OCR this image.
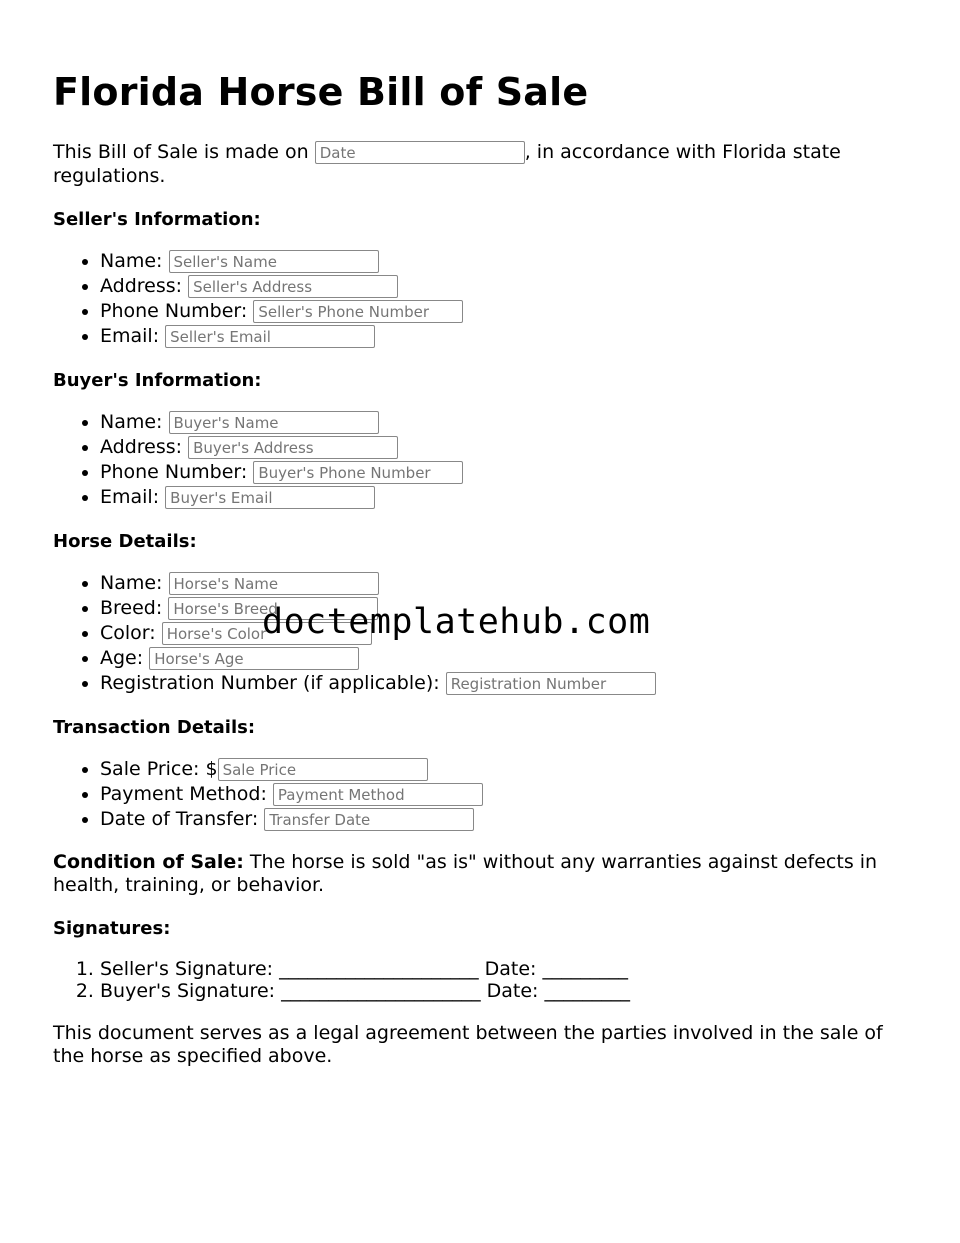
Florida Horse Bill of Sale

This Bill of Sale is made on Date	, in accordance with Florida state regulations.

Seller's Information:
• Name: Seller's Name
• Address: Seller's Address
• Phone Number: Seller's Phone Number
• Email: Seller's Email
Buyer's Information:
• Name: Buyer's Name
• Address: Buyer's Address
• Phone Number: Buyer's Phone Number
• Email: Buyer's Email
Horse Details:
• Name: Horse's Name
• Breed: Horse's Breed
• Color: Horse's Color
• Age: Horse's Age
• Registration Number (if applicable): Registration Number
Transaction Details:
• Sale Price: $Sale Price
• Payment Method: Payment Method
• Date of Transfer: Transfer Date

Condition of Sale: The horse is sold "as is" without any warranties against defects in health, training, or behavior.

Signatures:
1. Seller's Signature: _____________________ Date: _________
2. Buyer's Signature: _____________________ Date: _________

This document serves as a legal agreement between the parties involved in the sale of the horse as specified above.

doctemplatehub.com
